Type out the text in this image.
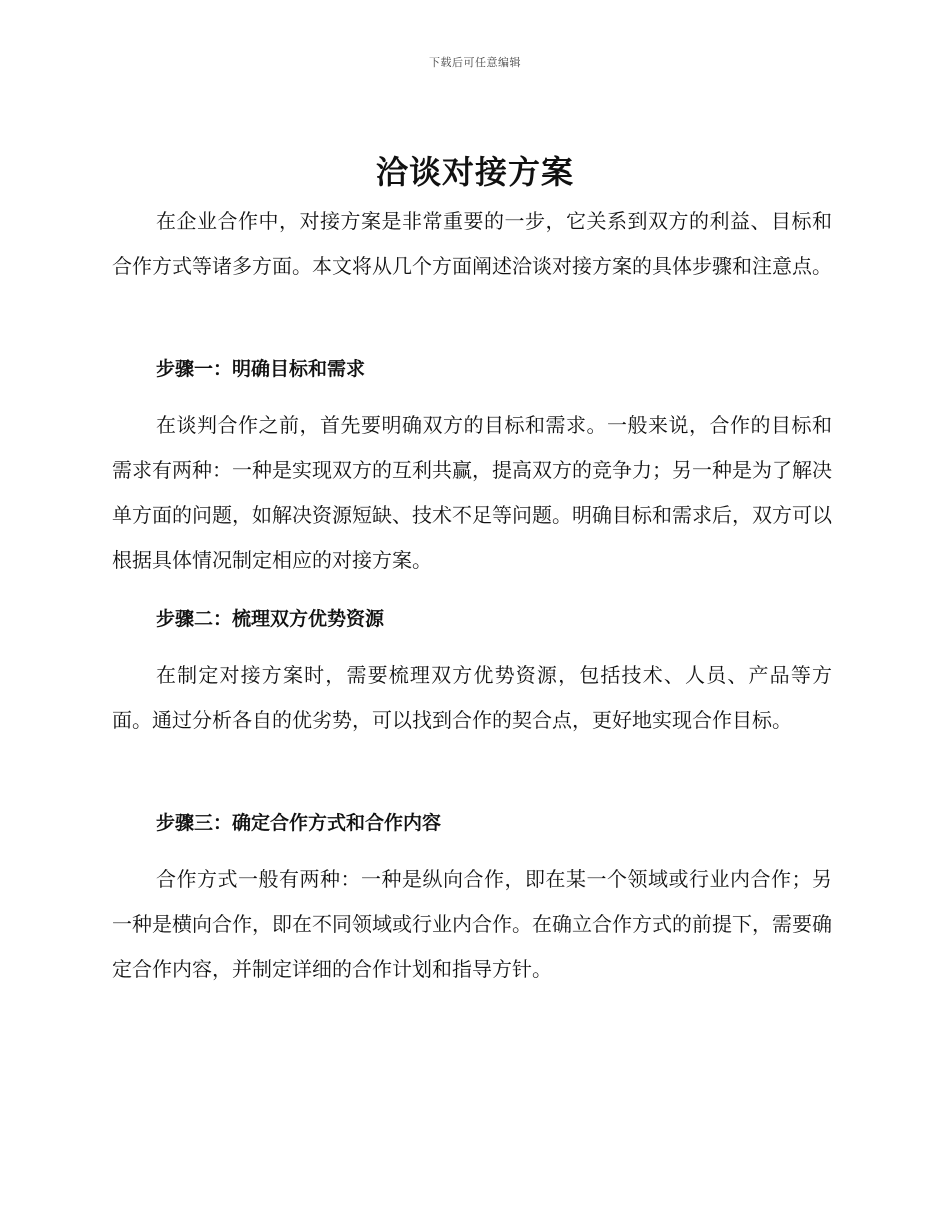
下载后可任意编辑
洽谈对接方案

在企业合作中，对接方案是非常重要的一步，它关系到双方的利益、目标和合作方式等诸多方面。本文将从几个方面阐述洽谈对接方案的具体步骤和注意点。

步骤一：明确目标和需求

在谈判合作之前，首先要明确双方的目标和需求。一般来说，合作的目标和需求有两种：一种是实现双方的互利共赢，提高双方的竞争力；另一种是为了解决单方面的问题，如解决资源短缺、技术不足等问题。明确目标和需求后，双方可以根据具体情况制定相应的对接方案。

步骤二：梳理双方优势资源

在制定对接方案时，需要梳理双方优势资源，包括技术、人员、产品等方面。通过分析各自的优劣势，可以找到合作的契合点，更好地实现合作目标。

步骤三：确定合作方式和合作内容

合作方式一般有两种：一种是纵向合作，即在某一个领域或行业内合作；另一种是横向合作，即在不同领域或行业内合作。在确立合作方式的前提下，需要确定合作内容，并制定详细的合作计划和指导方针。
